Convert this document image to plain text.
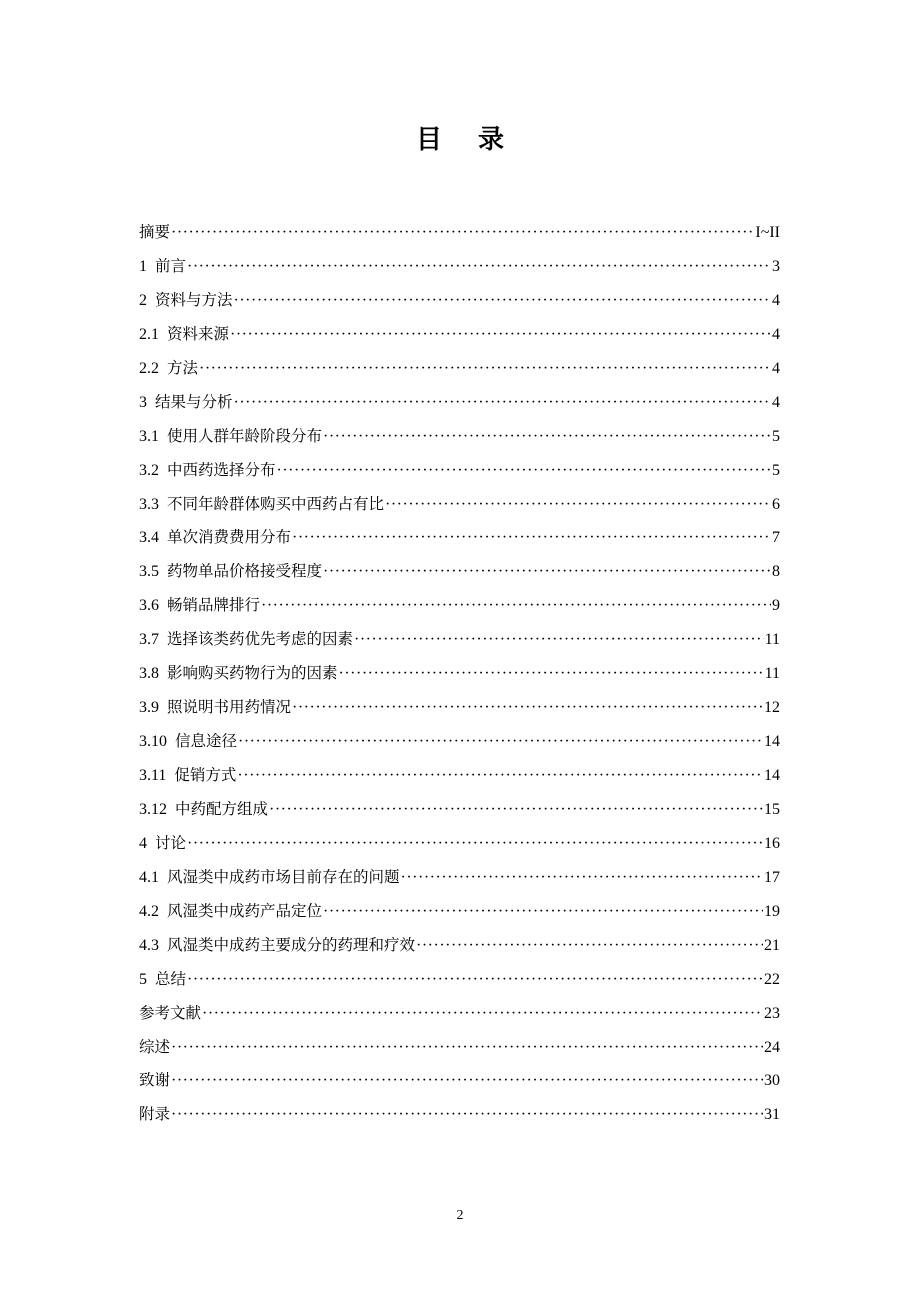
目录
摘要 ·····	I~II
1 前言 ·····	3
2 资料与方法 ·····	4
2.1 资料来源 ·····	4
2.2 方法 ·····	4
3 结果与分析 ·····	4
3.1 使用人群年龄阶段分布 ·····	5
3.2 中西药选择分布 ·····	5
3.3 不同年龄群体购买中西药占有比 ·····	6
3.4 单次消费费用分布 ·····	7
3.5 药物单品价格接受程度 ·····	8
3.6 畅销品牌排行 ·····	9
3.7 选择该类药优先考虑的因素 ·····	11
3.8 影响购买药物行为的因素 ·····	11
3.9 照说明书用药情况 ·····	12
3.10 信息途径 ·····	14
3.11 促销方式 ·····	14
3.12 中药配方组成 ·····	15
4 讨论 ·····	16
4.1 风湿类中成药市场目前存在的问题 ·····	17
4.2 风湿类中成药产品定位 ·····	19
4.3 风湿类中成药主要成分的药理和疗效 ·····	21
5 总结 ·····	22
参考文献 ·····	23
综述 ·····	24
致谢 ·····	30
附录 ·····	31
2
